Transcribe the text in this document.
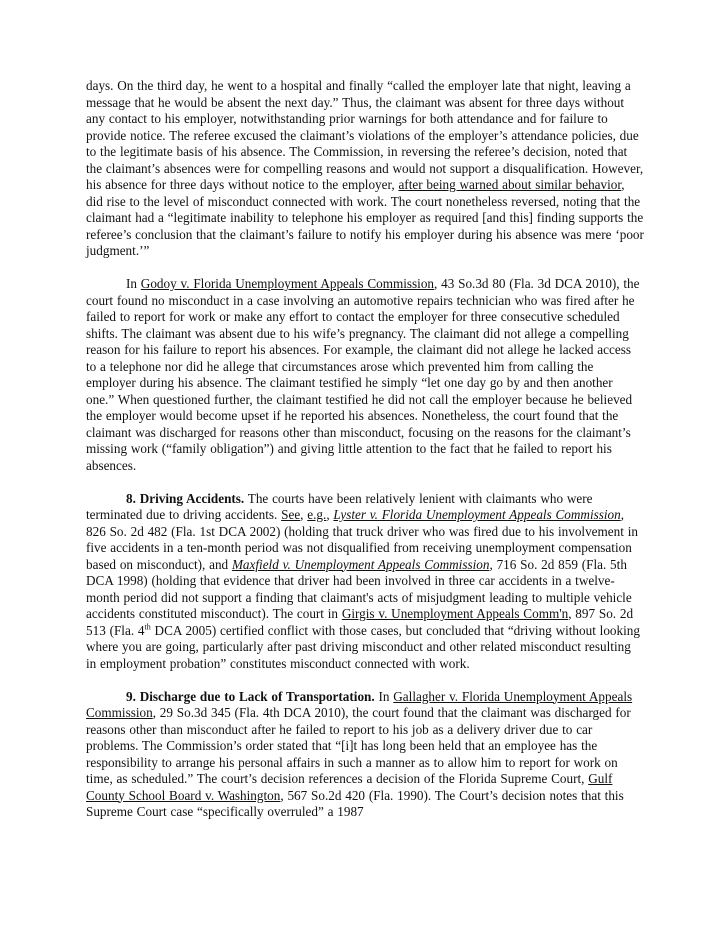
days. On the third day, he went to a hospital and finally “called the employer late that night, leaving a message that he would be absent the next day.” Thus, the claimant was absent for three days without any contact to his employer, notwithstanding prior warnings for both attendance and for failure to provide notice. The referee excused the claimant’s violations of the employer’s attendance policies, due to the legitimate basis of his absence. The Commission, in reversing the referee’s decision, noted that the claimant’s absences were for compelling reasons and would not support a disqualification. However, his absence for three days without notice to the employer, after being warned about similar behavior, did rise to the level of misconduct connected with work. The court nonetheless reversed, noting that the claimant had a “legitimate inability to telephone his employer as required [and this] finding supports the referee’s conclusion that the claimant’s failure to notify his employer during his absence was mere ‘poor judgment.’”

In Godoy v. Florida Unemployment Appeals Commission, 43 So.3d 80 (Fla. 3d DCA 2010), the court found no misconduct in a case involving an automotive repairs technician who was fired after he failed to report for work or make any effort to contact the employer for three consecutive scheduled shifts. The claimant was absent due to his wife’s pregnancy. The claimant did not allege a compelling reason for his failure to report his absences. For example, the claimant did not allege he lacked access to a telephone nor did he allege that circumstances arose which prevented him from calling the employer during his absence. The claimant testified he simply “let one day go by and then another one.” When questioned further, the claimant testified he did not call the employer because he believed the employer would become upset if he reported his absences. Nonetheless, the court found that the claimant was discharged for reasons other than misconduct, focusing on the reasons for the claimant’s missing work (“family obligation”) and giving little attention to the fact that he failed to report his absences.

8. Driving Accidents. The courts have been relatively lenient with claimants who were terminated due to driving accidents. See, e.g., Lyster v. Florida Unemployment Appeals Commission, 826 So. 2d 482 (Fla. 1st DCA 2002) (holding that truck driver who was fired due to his involvement in five accidents in a ten-month period was not disqualified from receiving unemployment compensation based on misconduct), and Maxfield v. Unemployment Appeals Commission, 716 So. 2d 859 (Fla. 5th DCA 1998) (holding that evidence that driver had been involved in three car accidents in a twelve-month period did not support a finding that claimant's acts of misjudgment leading to multiple vehicle accidents constituted misconduct). The court in Girgis v. Unemployment Appeals Comm'n, 897 So. 2d 513 (Fla. 4th DCA 2005) certified conflict with those cases, but concluded that “driving without looking where you are going, particularly after past driving misconduct and other related misconduct resulting in employment probation” constitutes misconduct connected with work.

9. Discharge due to Lack of Transportation. In Gallagher v. Florida Unemployment Appeals Commission, 29 So.3d 345 (Fla. 4th DCA 2010), the court found that the claimant was discharged for reasons other than misconduct after he failed to report to his job as a delivery driver due to car problems. The Commission’s order stated that “[i]t has long been held that an employee has the responsibility to arrange his personal affairs in such a manner as to allow him to report for work on time, as scheduled.” The court’s decision references a decision of the Florida Supreme Court, Gulf County School Board v. Washington, 567 So.2d 420 (Fla. 1990). The Court’s decision notes that this Supreme Court case “specifically overruled” a 1987
